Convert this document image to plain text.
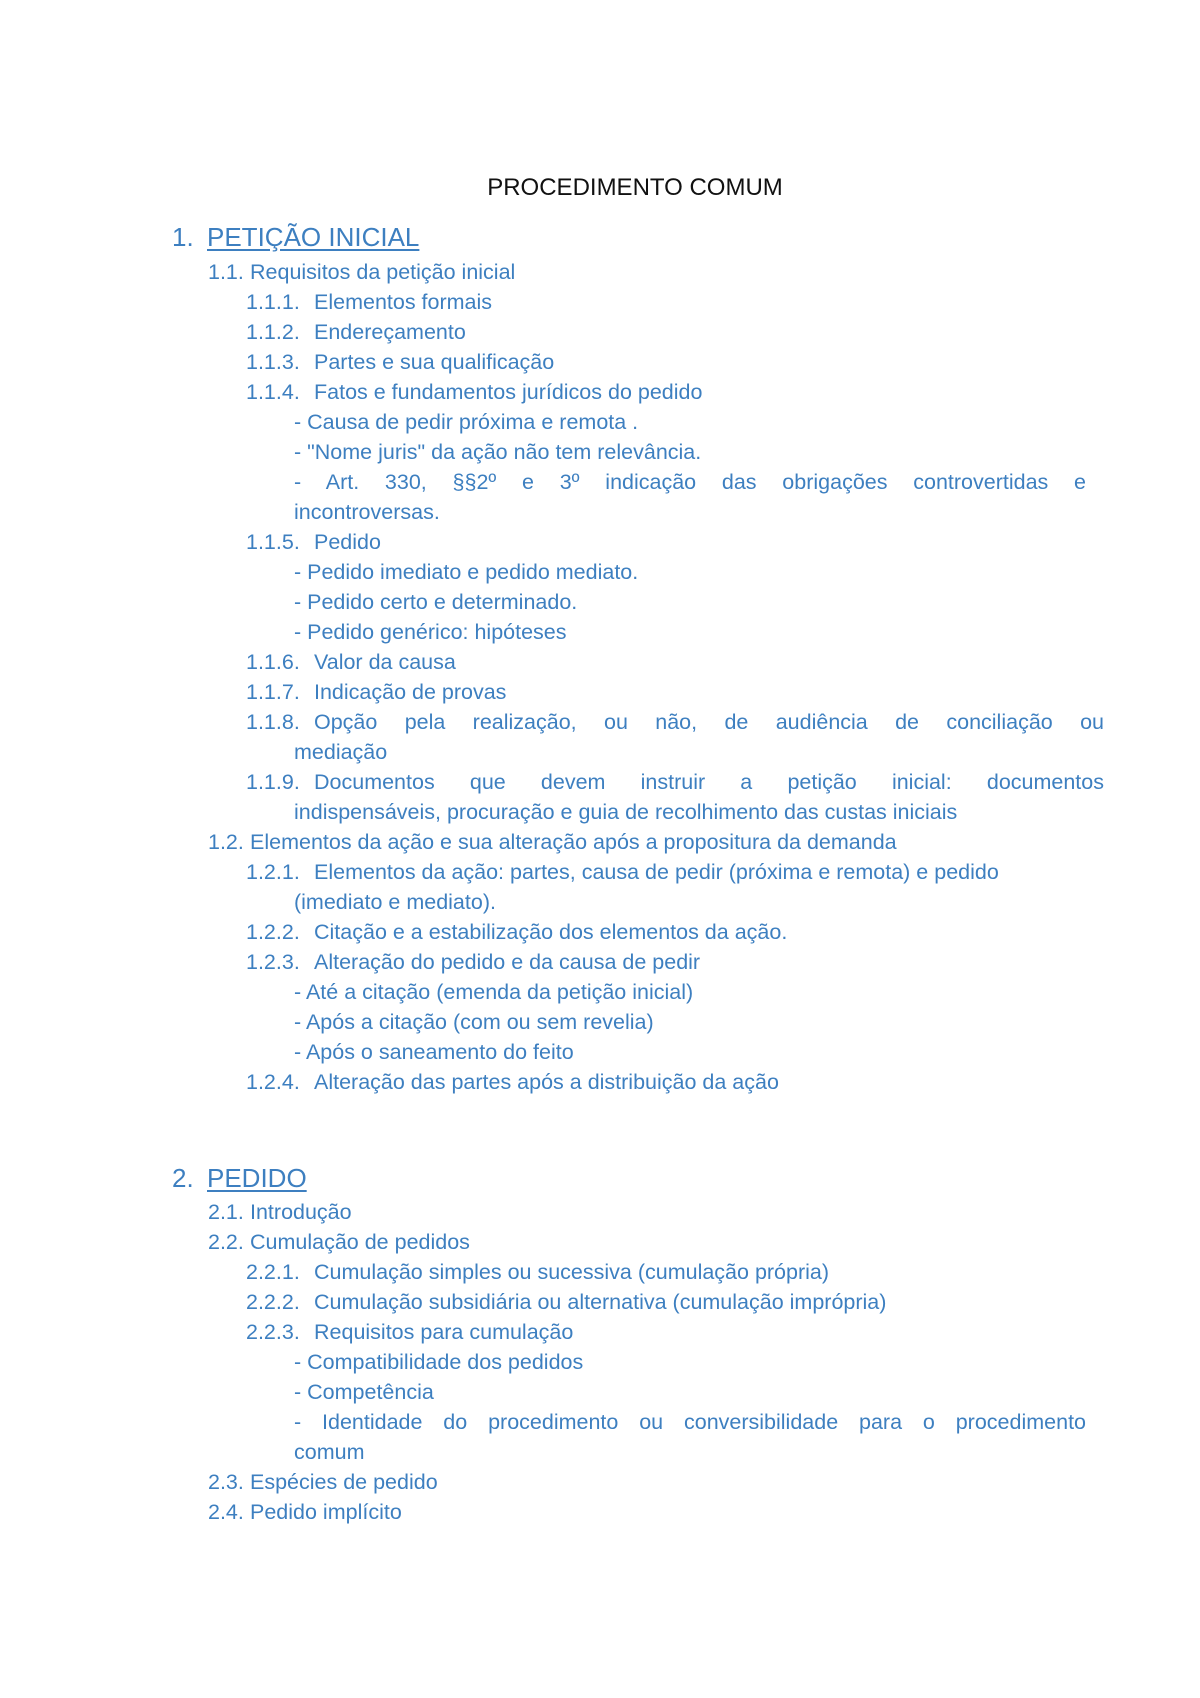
PROCEDIMENTO COMUM
1. PETIÇÃO INICIAL
1.1. Requisitos da petição inicial
1.1.1. Elementos formais
1.1.2. Endereçamento
1.1.3. Partes e sua qualificação
1.1.4. Fatos e fundamentos jurídicos do pedido
- Causa de pedir próxima e remota .
- "Nome juris" da ação não tem relevância.
- Art. 330, §§2º e 3º indicação das obrigações controvertidas e
incontroversas.
1.1.5. Pedido
- Pedido imediato e pedido mediato.
- Pedido certo e determinado.
- Pedido genérico: hipóteses
1.1.6. Valor da causa
1.1.7. Indicação de provas
1.1.8. Opção pela realização, ou não, de audiência de conciliação ou
mediação
1.1.9. Documentos que devem instruir a petição inicial: documentos
indispensáveis, procuração e guia de recolhimento das custas iniciais
1.2. Elementos da ação e sua alteração após a propositura da demanda
1.2.1. Elementos da ação: partes, causa de pedir (próxima e remota) e pedido
(imediato e mediato).
1.2.2. Citação e a estabilização dos elementos da ação.
1.2.3. Alteração do pedido e da causa de pedir
- Até a citação (emenda da petição inicial)
- Após a citação (com ou sem revelia)
- Após o saneamento do feito
1.2.4. Alteração das partes após a distribuição da ação
2. PEDIDO
2.1. Introdução
2.2. Cumulação de pedidos
2.2.1. Cumulação simples ou sucessiva (cumulação própria)
2.2.2. Cumulação subsidiária ou alternativa (cumulação imprópria)
2.2.3. Requisitos para cumulação
- Compatibilidade dos pedidos
- Competência
- Identidade do procedimento ou conversibilidade para o procedimento
comum
2.3. Espécies de pedido
2.4. Pedido implícito
